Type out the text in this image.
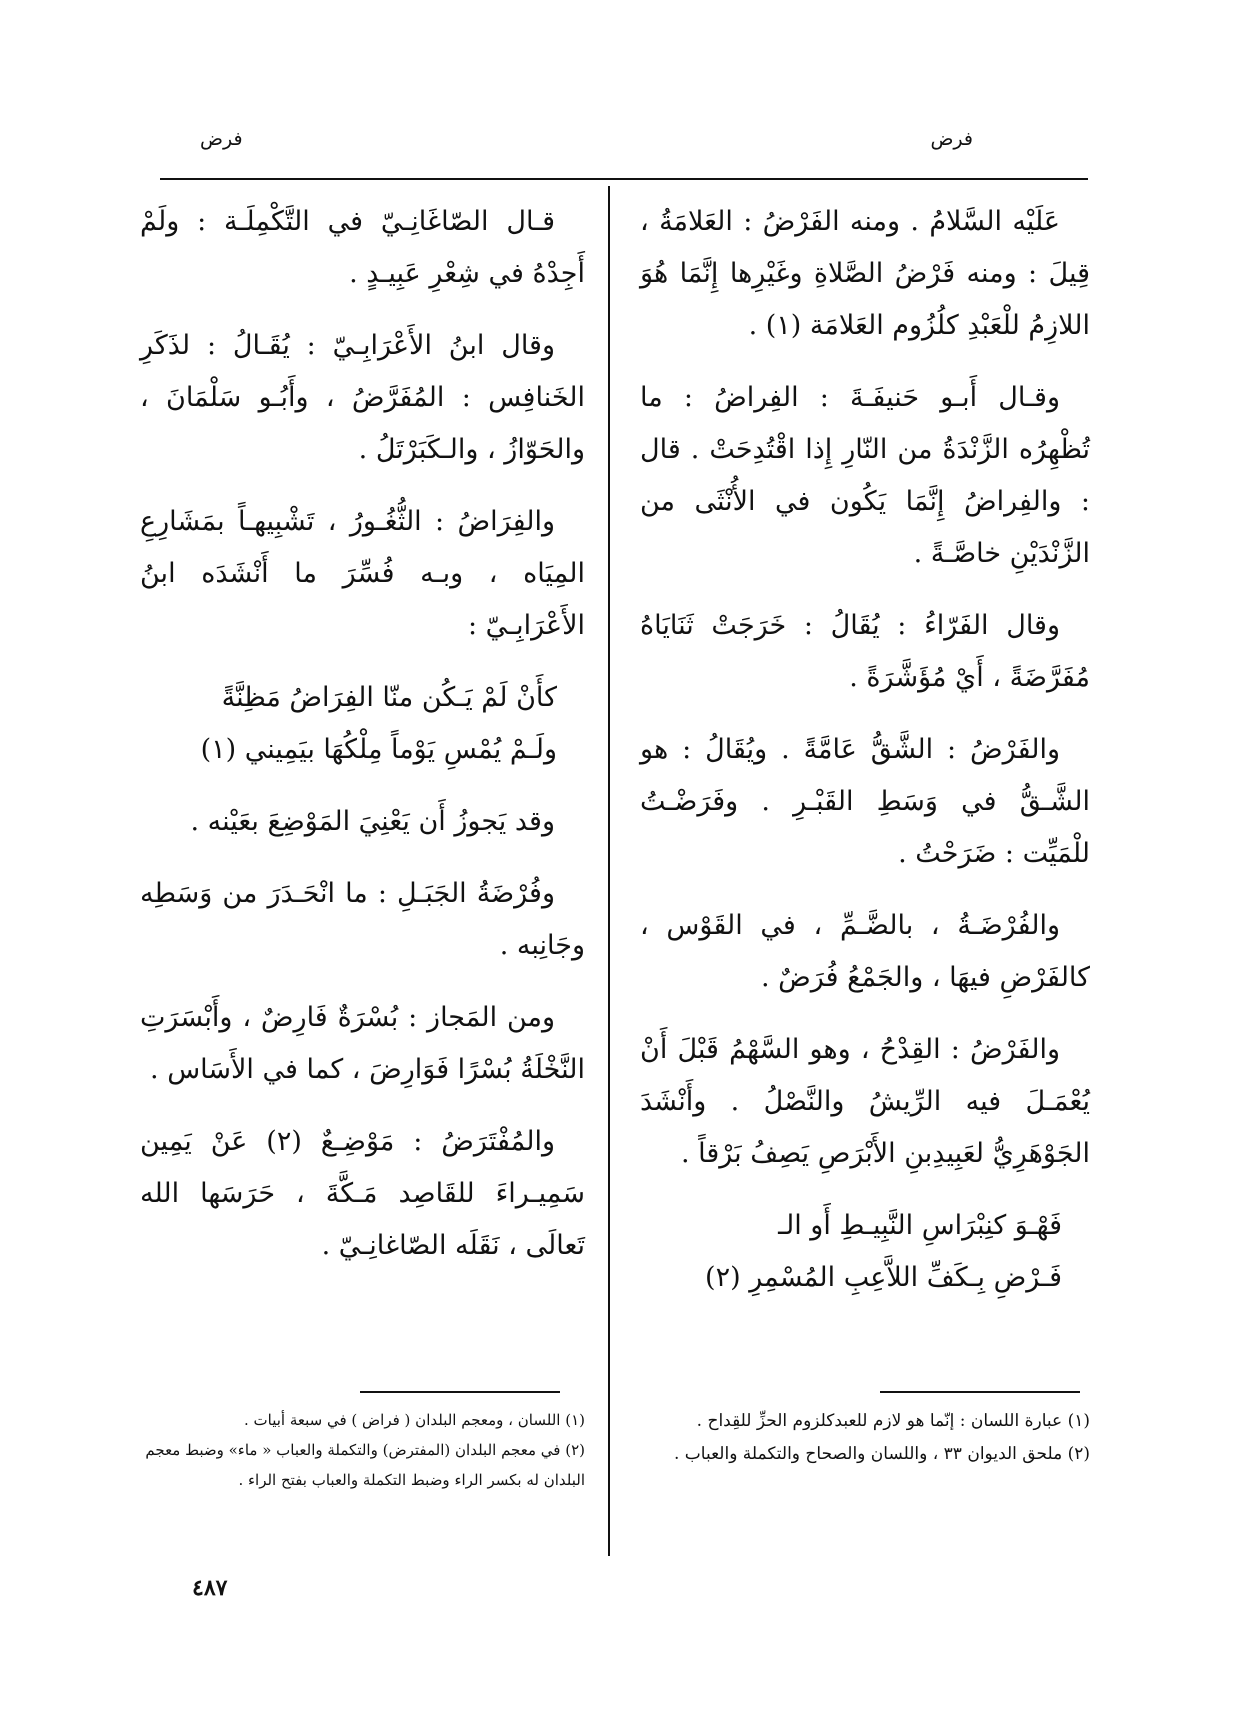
فرض
فرض

عَلَيْه السَّلامُ . ومنه الفَرْضُ : العَلامَةُ ، قِيلَ : ومنه فَرْضُ الصَّلاةِ وغَيْرِها إِنَّمَا هُوَ اللازِمُ للْعَبْدِ كلُزُوم العَلامَة (١) .

وقـال أَبـو حَنيفَـةَ : الفِراضُ : ما تُظْهِرُه الزَّنْدَةُ من النّارِ إِذا اقْتُدِحَتْ . قال : والفِراضُ إِنَّمَا يَكُون في الأُنْثَى من الزَّنْدَيْنِ خاصَّـةً .

وقال الفَرّاءُ : يُقَالُ : خَرَجَتْ ثَنَايَاهُ مُفَرَّضَةً ، أَيْ مُؤَشَّرَةً .

والفَرْضُ : الشَّقُّ عَامَّةً . ويُقَالُ : هو الشَّـقُّ في وَسَطِ القَبْـرِ . وفَرَضْـتُ للْمَيِّت : ضَرَحْتُ .

والفُرْضَـةُ ، بالضَّـمِّ ، في القَوْس ، كالفَرْضِ فيهَا ، والجَمْعُ فُرَضٌ .

والفَرْضُ : القِدْحُ ، وهو السَّهْمُ قَبْلَ أَنْ يُعْمَـلَ فيه الرِّيشُ والنَّصْلُ . وأَنْشَدَ الجَوْهَرِيُّ لعَبِيدِبنِ الأَبْرَصِ يَصِفُ بَرْقاً .

فَهْـوَ كنِبْرَاسِ النَّبِيـطِ أَو الـ

فَـرْضِ بِـكَفِّ اللاَّعِبِ المُسْمِرِ (٢)

قـال الصّاغَانِـيّ في التَّكْمِلَـة : ولَمْ أَجِدْهُ في شِعْرِ عَبِيـدٍ .

وقال ابنُ الأَعْرَابِـيّ : يُقَـالُ : لذَكَرِ الخَنافِس : المُفَرَّضُ ، وأَبُـو سَلْمَانَ ، والحَوّازُ ، والـكَبَرْتَلُ .

والفِرَاضُ : الثُّغُـورُ ، تَشْبِيهـاً بمَشَارِعِ المِيَاه ، وبـه فُسِّرَ ما أَنْشَدَه ابنُ الأَعْرَابِـيّ :

كأَنْ لَمْ يَـكُن منّا الفِرَاضُ مَظِنَّةً

ولَـمْ يُمْسِ يَوْماً مِلْكُهَا بيَمِيني (١)

وقد يَجوزُ أَن يَعْنِيَ المَوْضِعَ بعَيْنه .

وفُرْضَةُ الجَبَـلِ : ما انْحَـدَرَ من وَسَطِه وجَانِبه .

ومن المَجاز : بُسْرَةٌ فَارِضٌ ، وأَبْسَرَتِ النَّخْلَةُ بُسْرًا فَوَارِضَ ، كما في الأَسَاس .

والمُفْتَرَضُ : مَوْضِـعٌ (٢) عَنْ يَمِين سَمِيـراءَ للقَاصِد مَـكَّةَ ، حَرَسَها الله تَعالَى ، نَقَلَه الصّاغانِـيّ .

(١) عبارة اللسان : إنّما هو لازم للعبدكلزوم الحزِّ للقِداح .
(٢) ملحق الديوان ٣٣ ، واللسان والصحاح والتكملة والعباب .
(١) اللسان ، ومعجم البلدان ( فراض ) في سبعة أبيات .
(٢) في معجم البلدان (المفترض) والتكملة والعباب « ماء» وضبط معجم البلدان له بكسر الراء وضبط التكملة والعباب بفتح الراء .
٤٨٧
